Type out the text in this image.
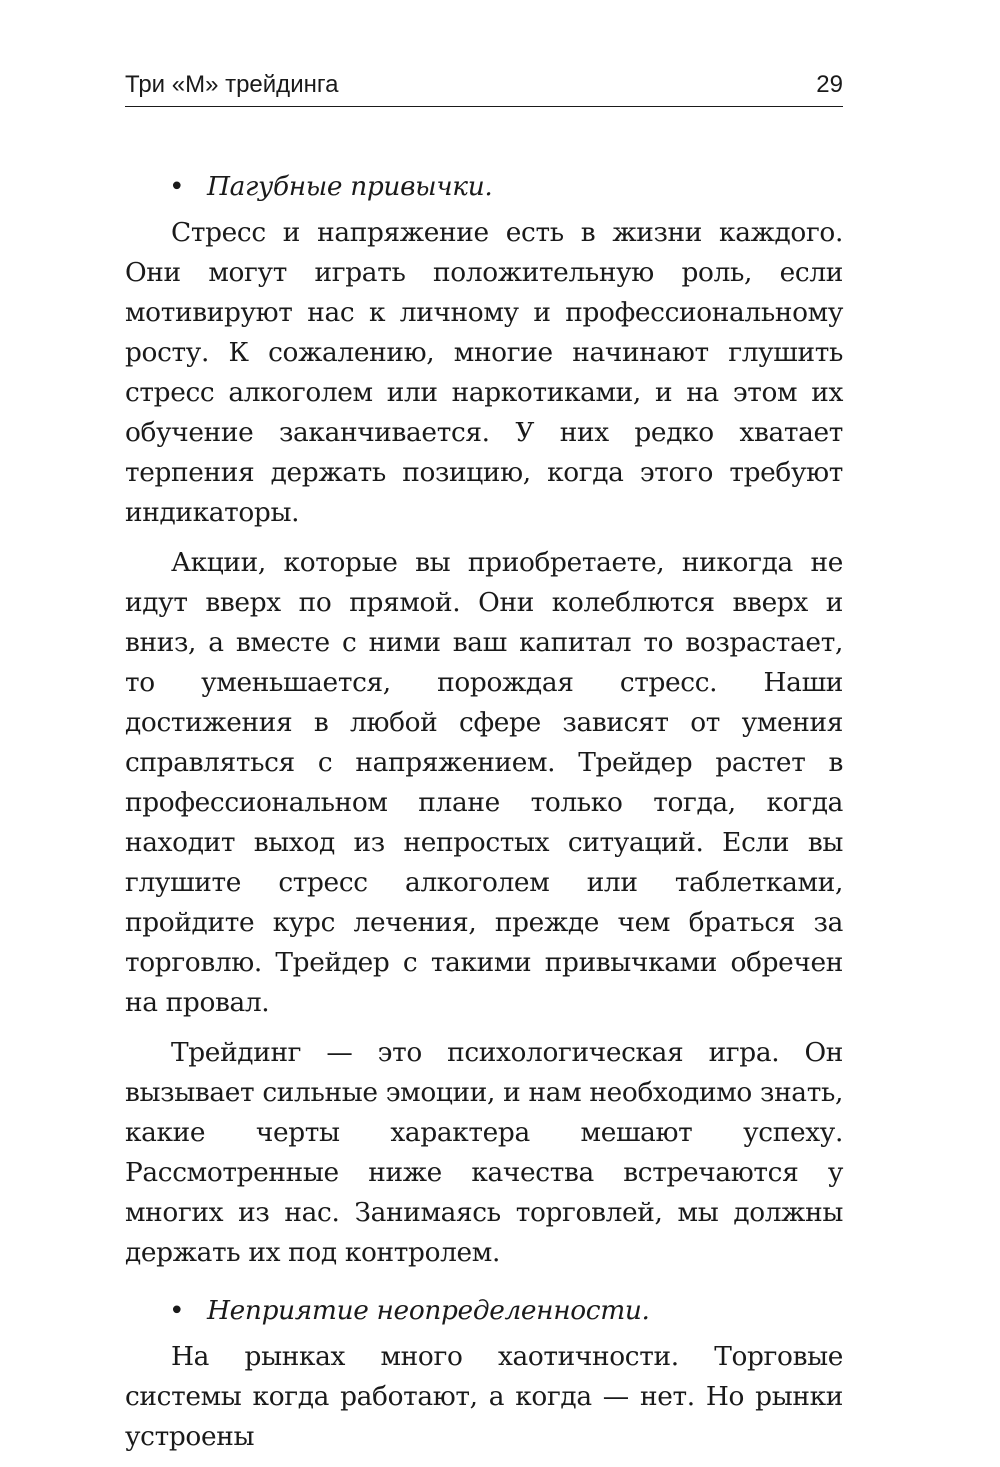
Три «М» трейдинга	29

• Пагубные привычки.

Стресс и напряжение есть в жизни каждого. Они могут играть положительную роль, если мотивируют нас к личному и профессиональному росту. К сожалению, многие начинают глушить стресс алкоголем или наркотиками, и на этом их обучение заканчивается. У них редко хватает терпения держать позицию, когда этого требуют индикаторы.

Акции, которые вы приобретаете, никогда не идут вверх по прямой. Они колеблются вверх и вниз, а вместе с ними ваш капитал то возрастает, то уменьшается, порождая стресс. Наши достижения в любой сфере зависят от умения справляться с напряжением. Трейдер растет в профессиональном плане только тогда, когда находит выход из непростых ситуаций. Если вы глушите стресс алкоголем или таблетками, пройдите курс лечения, прежде чем браться за торговлю. Трейдер с такими привычками обречен на провал.

Трейдинг — это психологическая игра. Он вызывает сильные эмоции, и нам необходимо знать, какие черты характера мешают успеху. Рассмотренные ниже качества встречаются у многих из нас. Занимаясь торговлей, мы должны держать их под контролем.

• Неприятие неопределенности.

На рынках много хаотичности. Торговые системы когда работают, а когда — нет. Но рынки устроены
